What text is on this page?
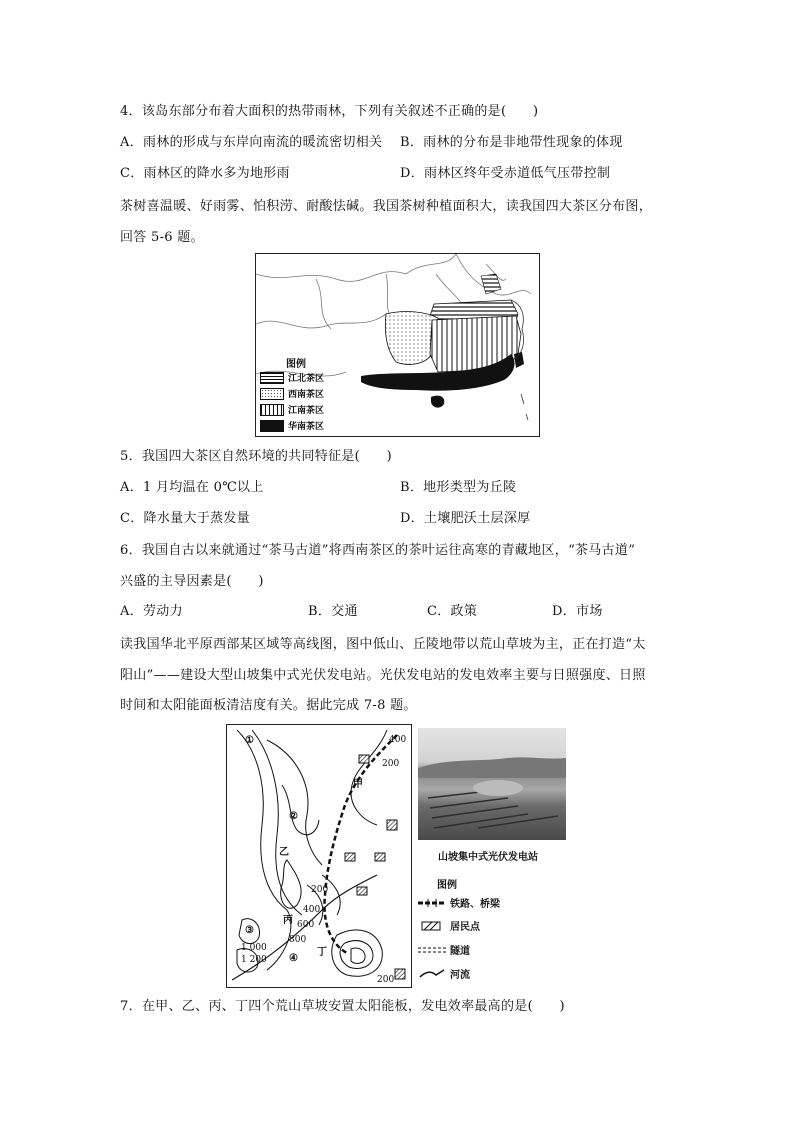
4．该岛东部分布着大面积的热带雨林，下列有关叙述不正确的是(　　)
A．雨林的形成与东岸向南流的暖流密切相关 B．雨林的分布是非地带性现象的体现
C．雨林区的降水多为地形雨	D．雨林区终年受赤道低气压带控制
茶树喜温暖、好雨雾、怕积涝、耐酸怯碱。我国茶树种植面积大，读我国四大茶区分布图，
回答 5-6 题。
图例
江北茶区
西南茶区
江南茶区
华南茶区
5．我国四大茶区自然环境的共同特征是(　　)
A．1 月均温在 0℃以上	B．地形类型为丘陵
C．降水量大于蒸发量	D．土壤肥沃土层深厚
6．我国自古以来就通过“茶马古道”将西南茶区的茶叶运往高寒的青藏地区，“茶马古道”
兴盛的主导因素是(　　)
A．劳动力	B．交通	C．政策	D．市场
读我国华北平原西部某区域等高线图，图中低山、丘陵地带以荒山草坡为主，正在打造“太
阳山”——建设大型山坡集中式光伏发电站。光伏发电站的发电效率主要与日照强度、日照
时间和太阳能面板清洁度有关。据此完成 7-8 题。
400
200
200
400
600
800
1 000
1 200
200
甲
乙
丙
丁
①
②
③
④
山坡集中式光伏发电站
图例
铁路、桥梁
居民点
隧道
河流
7．在甲、乙、丙、丁四个荒山草坡安置太阳能板，发电效率最高的是(　　)
